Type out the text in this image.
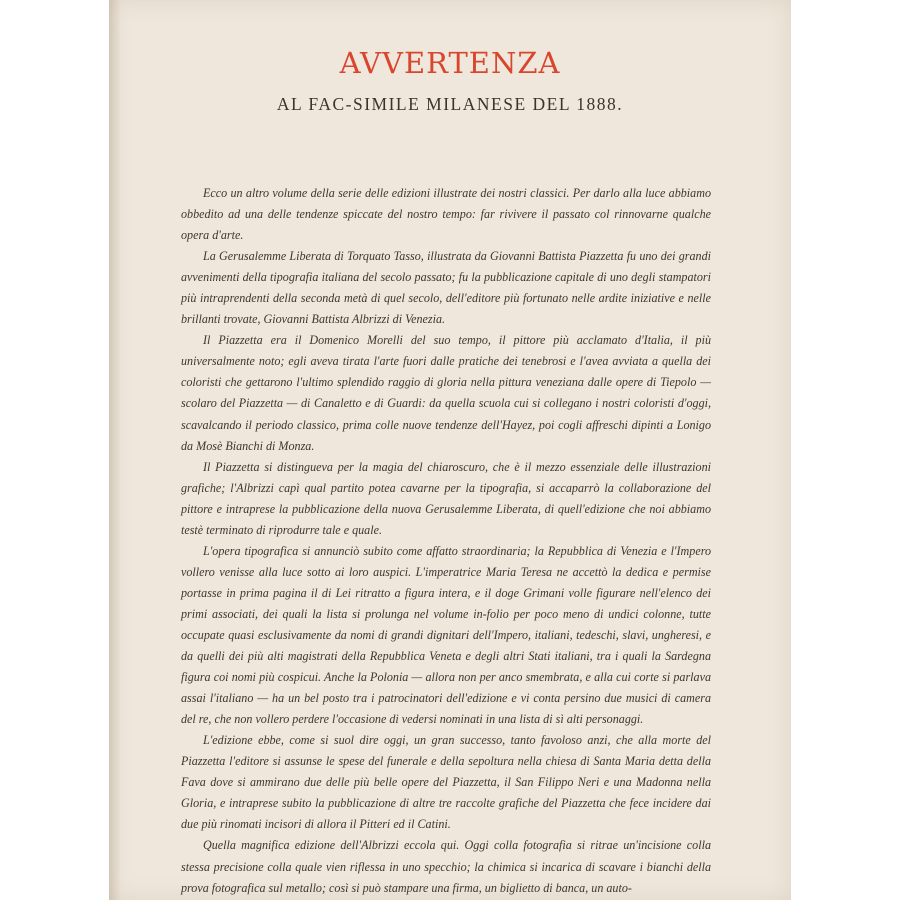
AVVERTENZA
AL FAC-SIMILE MILANESE DEL 1888.

Ecco un altro volume della serie delle edizioni illustrate dei nostri classici. Per darlo alla luce abbiamo obbedito ad una delle tendenze spiccate del nostro tempo: far rivivere il passato col rinnovarne qualche opera d'arte.

La Gerusalemme Liberata di Torquato Tasso, illustrata da Giovanni Battista Piazzetta fu uno dei grandi avvenimenti della tipografia italiana del secolo passato; fu la pubblicazione capitale di uno degli stampatori più intraprendenti della seconda metà di quel secolo, dell'editore più fortunato nelle ardite iniziative e nelle brillanti trovate, Giovanni Battista Albrizzi di Venezia.

Il Piazzetta era il Domenico Morelli del suo tempo, il pittore più acclamato d'Italia, il più universalmente noto; egli aveva tirata l'arte fuori dalle pratiche dei tenebrosi e l'avea avviata a quella dei coloristi che gettarono l'ultimo splendido raggio di gloria nella pittura veneziana dalle opere di Tiepolo — scolaro del Piazzetta — di Canaletto e di Guardi: da quella scuola cui si collegano i nostri coloristi d'oggi, scavalcando il periodo classico, prima colle nuove tendenze dell'Hayez, poi cogli affreschi dipinti a Lonigo da Mosè Bianchi di Monza.

Il Piazzetta si distingueva per la magia del chiaroscuro, che è il mezzo essenziale delle illustrazioni grafiche; l'Albrizzi capì qual partito potea cavarne per la tipografia, si accaparrò la collaborazione del pittore e intraprese la pubblicazione della nuova Gerusalemme Liberata, di quell'edizione che noi abbiamo testè terminato di riprodurre tale e quale.

L'opera tipografica si annunciò subito come affatto straordinaria; la Repubblica di Venezia e l'Impero vollero venisse alla luce sotto ai loro auspici. L'imperatrice Maria Teresa ne accettò la dedica e permise portasse in prima pagina il di Lei ritratto a figura intera, e il doge Grimani volle figurare nell'elenco dei primi associati, dei quali la lista si prolunga nel volume in-folio per poco meno di undici colonne, tutte occupate quasi esclusivamente da nomi di grandi dignitari dell'Impero, italiani, tedeschi, slavi, ungheresi, e da quelli dei più alti magistrati della Repubblica Veneta e degli altri Stati italiani, tra i quali la Sardegna figura coi nomi più cospicui. Anche la Polonia — allora non per anco smembrata, e alla cui corte si parlava assai l'italiano — ha un bel posto tra i patrocinatori dell'edizione e vi conta persino due musici di camera del re, che non vollero perdere l'occasione di vedersi nominati in una lista di sì alti personaggi.

L'edizione ebbe, come si suol dire oggi, un gran successo, tanto favoloso anzi, che alla morte del Piazzetta l'editore si assunse le spese del funerale e della sepoltura nella chiesa di Santa Maria detta della Fava dove si ammirano due delle più belle opere del Piazzetta, il San Filippo Neri e una Madonna nella Gloria, e intraprese subito la pubblicazione di altre tre raccolte grafiche del Piazzetta che fece incidere dai due più rinomati incisori di allora il Pitteri ed il Catini.

Quella magnifica edizione dell'Albrizzi eccola qui. Oggi colla fotografia si ritrae un'incisione colla stessa precisione colla quale vien riflessa in uno specchio; la chimica si incarica di scavare i bianchi della prova fotografica sul metallo; così si può stampare una firma, un biglietto di banca, un auto-
